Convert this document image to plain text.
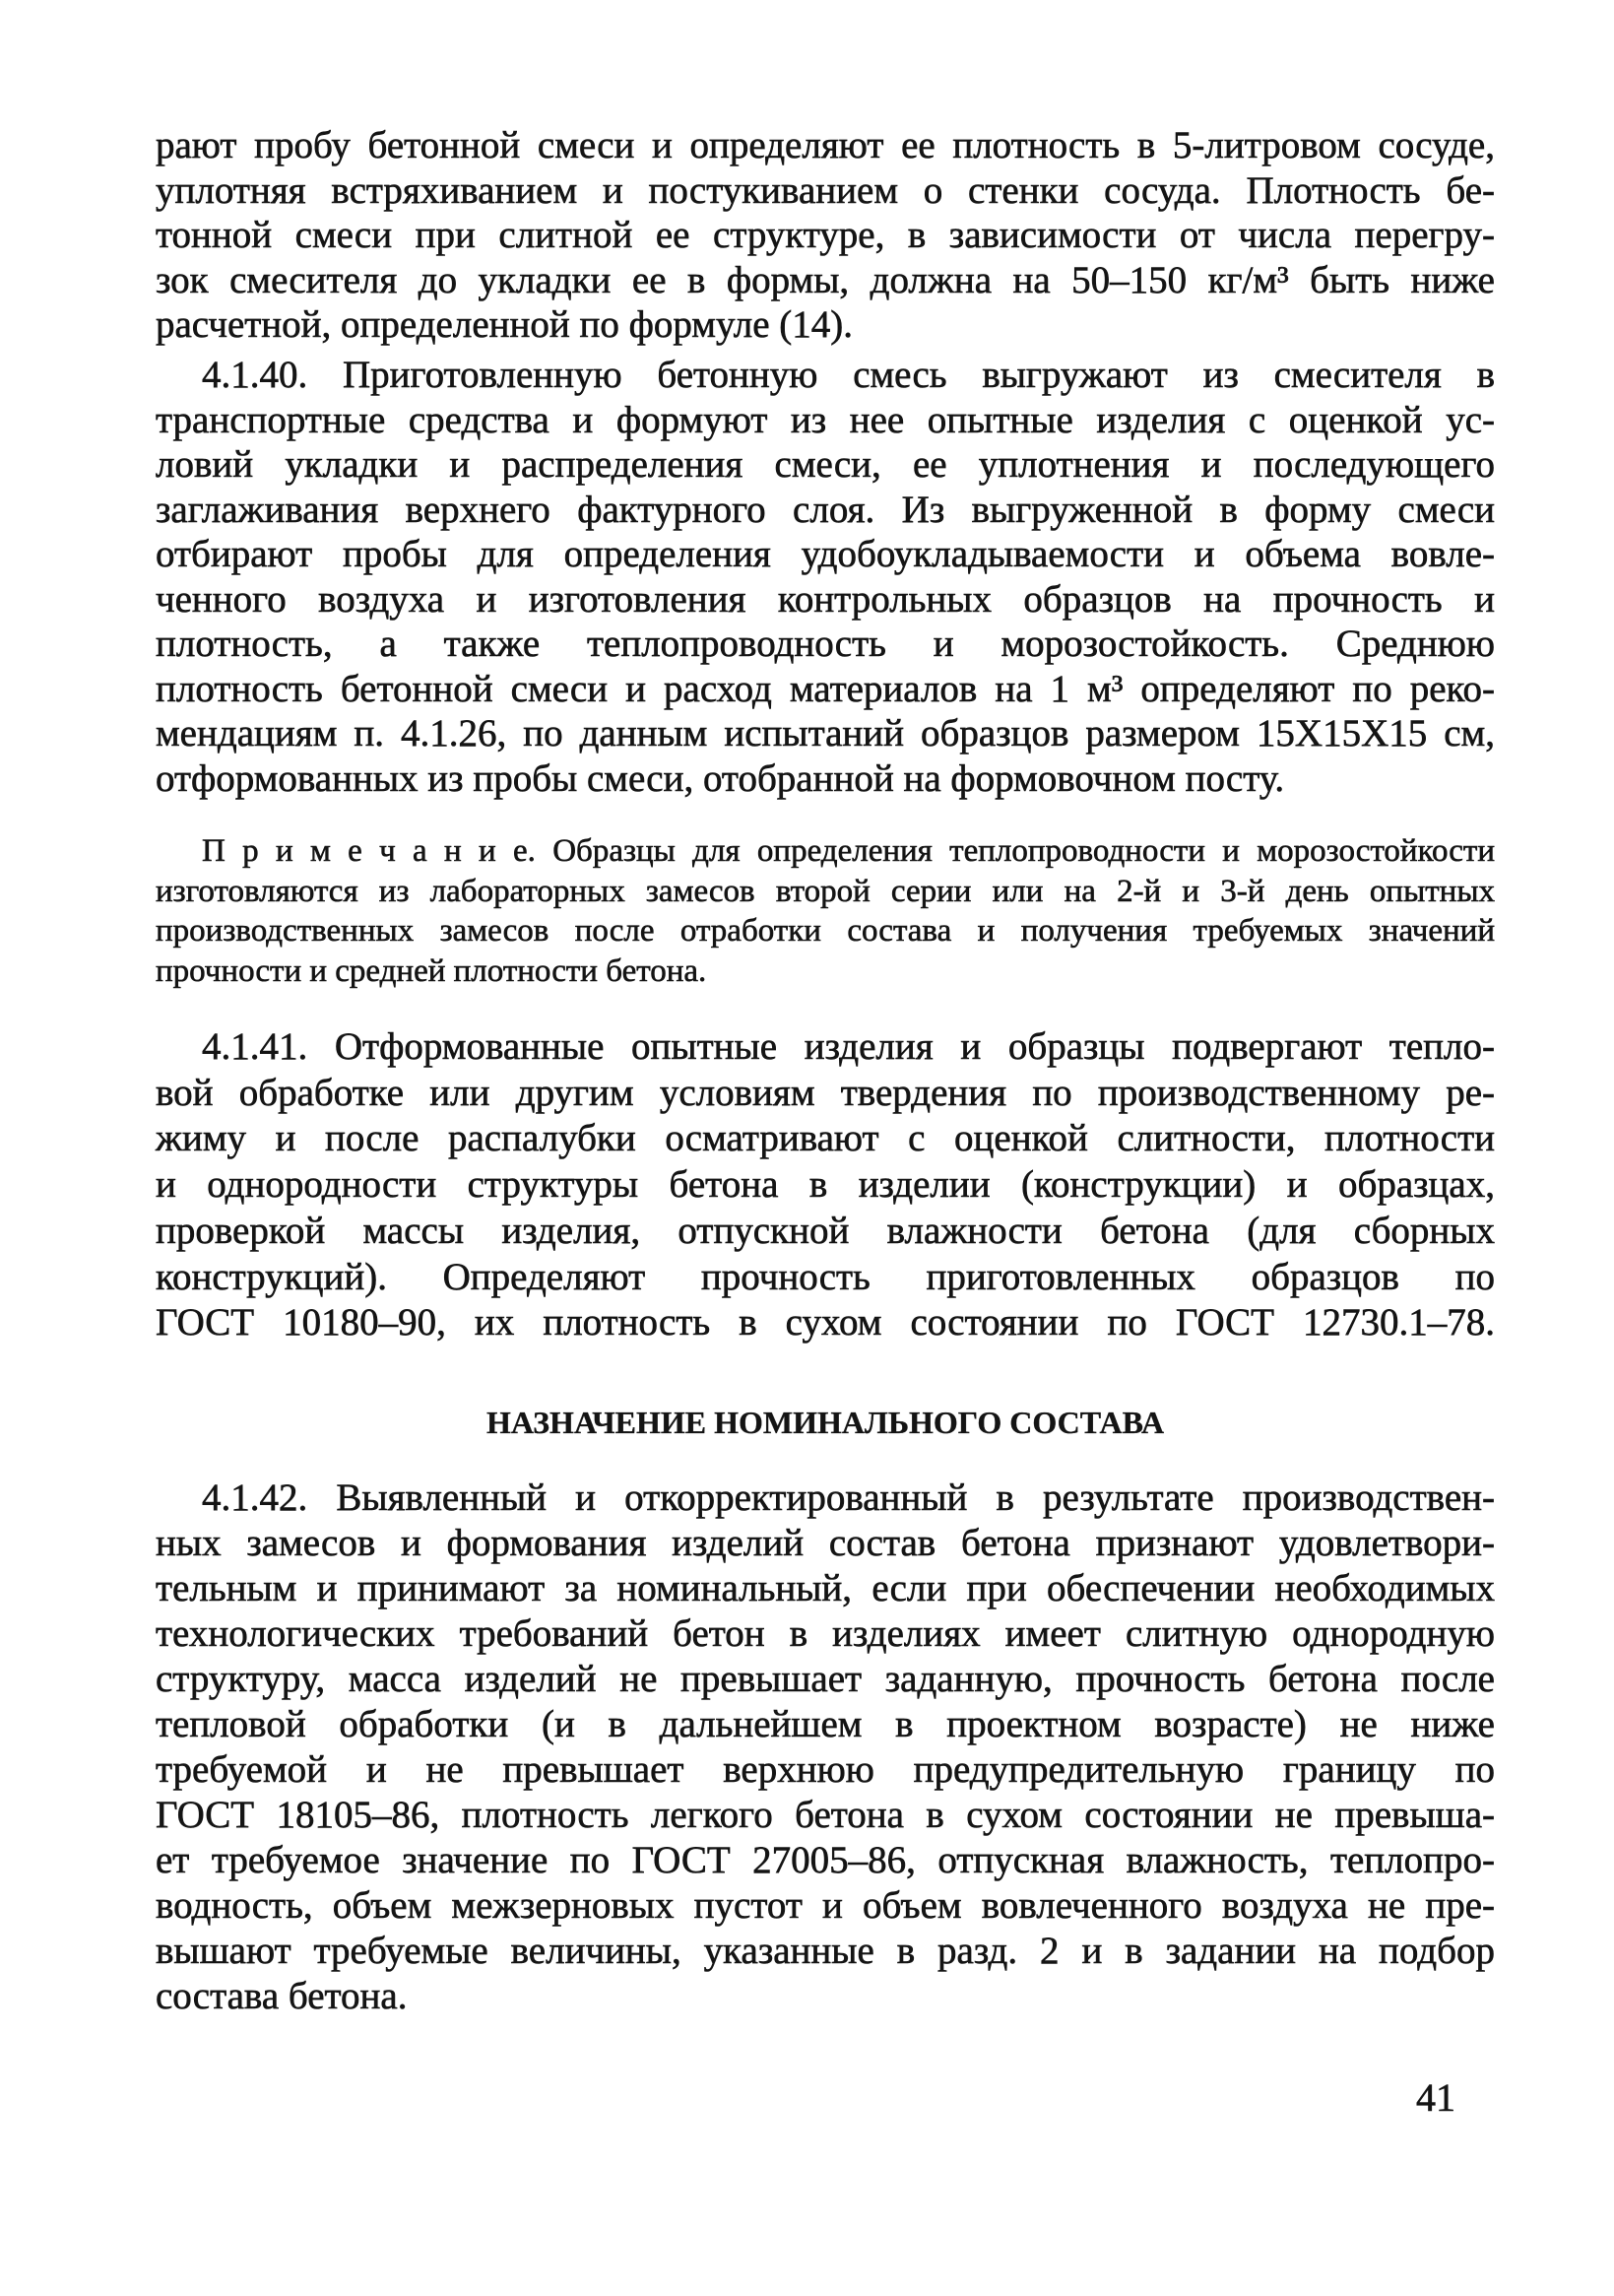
рают пробу бетонной смеси и определяют ее плотность в 5-литровом сосуде,
уплотняя встряхиванием и постукиванием о стенки сосуда. Плотность бе-
тонной смеси при слитной ее структуре, в зависимости от числа перегру-
зок смесителя до укладки ее в формы, должна на 50–150 кг/м³ быть ниже
расчетной, определенной по формуле (14).
4.1.40. Приготовленную бетонную смесь выгружают из смесителя в
транспортные средства и формуют из нее опытные изделия с оценкой ус-
ловий укладки и распределения смеси, ее уплотнения и последующего
заглаживания верхнего фактурного слоя. Из выгруженной в форму смеси
отбирают пробы для определения удобоукладываемости и объема вовле-
ченного воздуха и изготовления контрольных образцов на прочность и
плотность, а также теплопроводность и морозостойкость. Среднюю
плотность бетонной смеси и расход материалов на 1 м³ определяют по реко-
мендациям п. 4.1.26, по данным испытаний образцов размером 15X15X15 см,
отформованных из пробы смеси, отобранной на формовочном посту.
П р и м е ч а н и е. Образцы для определения теплопроводности и морозостойкости
изготовляются из лабораторных замесов второй серии или на 2-й и 3-й день опытных
производственных замесов после отработки состава и получения требуемых значений
прочности и средней плотности бетона.
4.1.41. Отформованные опытные изделия и образцы подвергают тепло-
вой обработке или другим условиям твердения по производственному ре-
жиму и после распалубки осматривают с оценкой слитности, плотности
и однородности структуры бетона в изделии (конструкции) и образцах,
проверкой массы изделия, отпускной влажности бетона (для сборных
конструкций). Определяют прочность приготовленных образцов по
ГОСТ 10180–90, их плотность в сухом состоянии по ГОСТ 12730.1–78.
НАЗНАЧЕНИЕ НОМИНАЛЬНОГО СОСТАВА
4.1.42. Выявленный и откорректированный в результате производствен-
ных замесов и формования изделий состав бетона признают удовлетвори-
тельным и принимают за номинальный, если при обеспечении необходимых
технологических требований бетон в изделиях имеет слитную однородную
структуру, масса изделий не превышает заданную, прочность бетона после
тепловой обработки (и в дальнейшем в проектном возрасте) не ниже
требуемой и не превышает верхнюю предупредительную границу по
ГОСТ 18105–86, плотность легкого бетона в сухом состоянии не превыша-
ет требуемое значение по ГОСТ 27005–86, отпускная влажность, теплопро-
водность, объем межзерновых пустот и объем вовлеченного воздуха не пре-
вышают требуемые величины, указанные в разд. 2 и в задании на подбор
состава бетона.
41
